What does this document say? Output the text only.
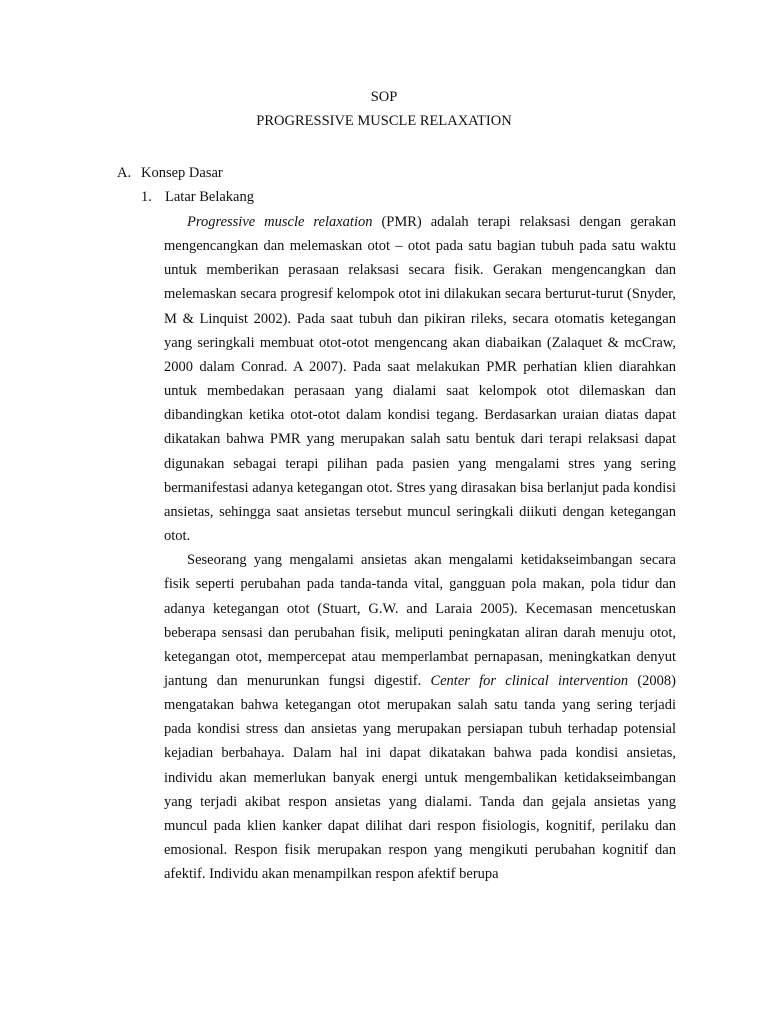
SOP
PROGRESSIVE MUSCLE RELAXATION
A. Konsep Dasar
1. Latar Belakang

Progressive muscle relaxation (PMR) adalah terapi relaksasi dengan gerakan mengencangkan dan melemaskan otot – otot pada satu bagian tubuh pada satu waktu untuk memberikan perasaan relaksasi secara fisik. Gerakan mengencangkan dan melemaskan secara progresif kelompok otot ini dilakukan secara berturut-turut (Snyder, M & Linquist 2002). Pada saat tubuh dan pikiran rileks, secara otomatis ketegangan yang seringkali membuat otot-otot mengencang akan diabaikan (Zalaquet & mcCraw, 2000 dalam Conrad. A 2007). Pada saat melakukan PMR perhatian klien diarahkan untuk membedakan perasaan yang dialami saat kelompok otot dilemaskan dan dibandingkan ketika otot-otot dalam kondisi tegang. Berdasarkan uraian diatas dapat dikatakan bahwa PMR yang merupakan salah satu bentuk dari terapi relaksasi dapat digunakan sebagai terapi pilihan pada pasien yang mengalami stres yang sering bermanifestasi adanya ketegangan otot. Stres yang dirasakan bisa berlanjut pada kondisi ansietas, sehingga saat ansietas tersebut muncul seringkali diikuti dengan ketegangan otot.

Seseorang yang mengalami ansietas akan mengalami ketidakseimbangan secara fisik seperti perubahan pada tanda-tanda vital, gangguan pola makan, pola tidur dan adanya ketegangan otot (Stuart, G.W. and Laraia 2005). Kecemasan mencetuskan beberapa sensasi dan perubahan fisik, meliputi peningkatan aliran darah menuju otot, ketegangan otot, mempercepat atau memperlambat pernapasan, meningkatkan denyut jantung dan menurunkan fungsi digestif. Center for clinical intervention (2008) mengatakan bahwa ketegangan otot merupakan salah satu tanda yang sering terjadi pada kondisi stress dan ansietas yang merupakan persiapan tubuh terhadap potensial kejadian berbahaya. Dalam hal ini dapat dikatakan bahwa pada kondisi ansietas, individu akan memerlukan banyak energi untuk mengembalikan ketidakseimbangan yang terjadi akibat respon ansietas yang dialami. Tanda dan gejala ansietas yang muncul pada klien kanker dapat dilihat dari respon fisiologis, kognitif, perilaku dan emosional. Respon fisik merupakan respon yang mengikuti perubahan kognitif dan afektif. Individu akan menampilkan respon afektif berupa
